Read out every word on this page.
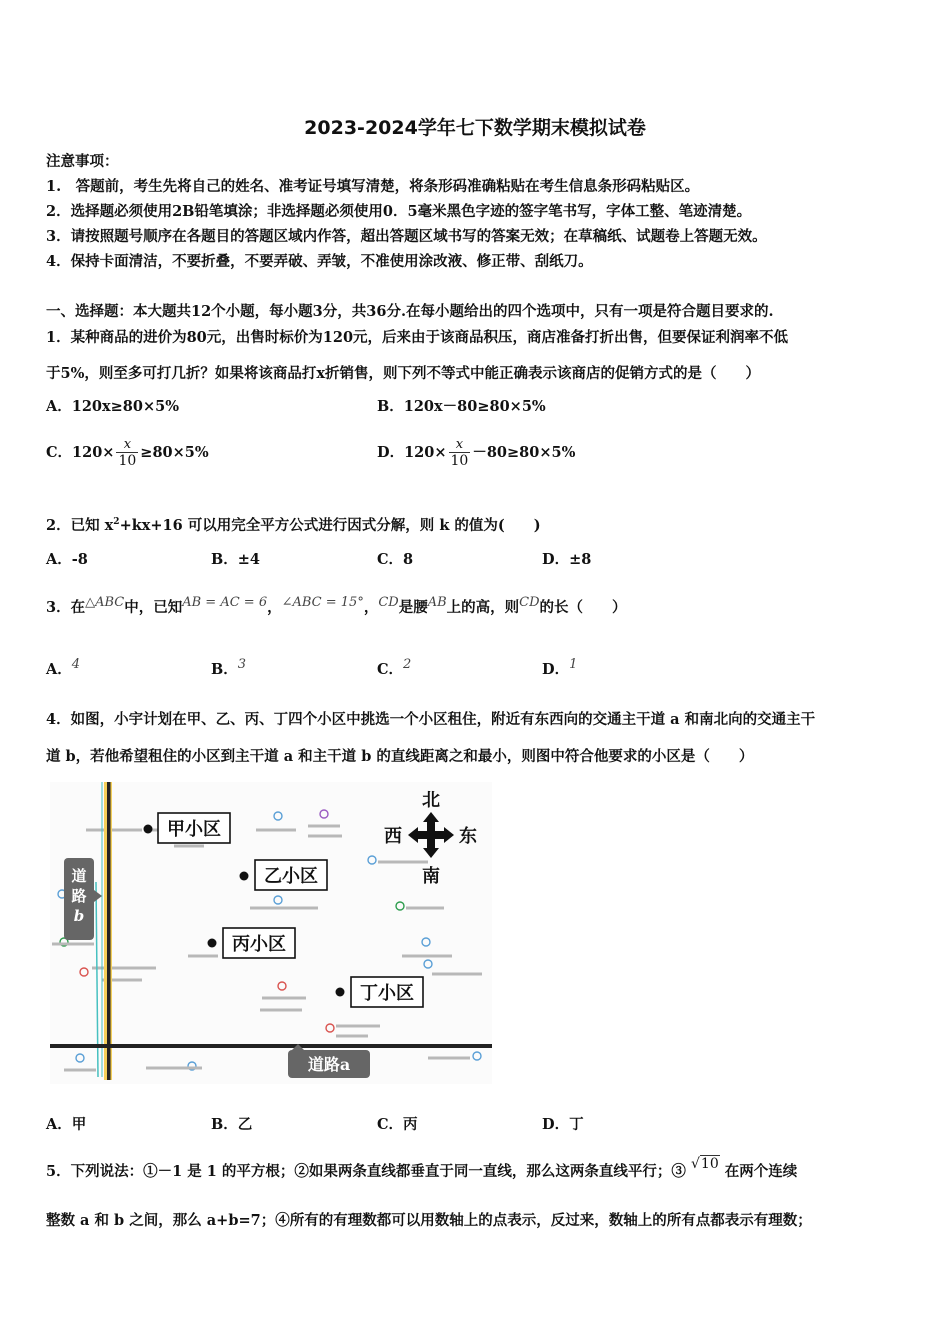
2023-2024学年七下数学期末模拟试卷
注意事项：
1.　答题前，考生先将自己的姓名、准考证号填写清楚，将条形码准确粘贴在考生信息条形码粘贴区。
2．选择题必须使用2B铅笔填涂；非选择题必须使用0．5毫米黑色字迹的签字笔书写，字体工整、笔迹清楚。
3．请按照题号顺序在各题目的答题区域内作答，超出答题区域书写的答案无效；在草稿纸、试题卷上答题无效。
4．保持卡面清洁，不要折叠，不要弄破、弄皱，不准使用涂改液、修正带、刮纸刀。
一、选择题：本大题共12个小题，每小题3分，共36分.在每小题给出的四个选项中，只有一项是符合题目要求的.
1．某种商品的进价为80元，出售时标价为120元，后来由于该商品积压，商店准备打折出售，但要保证利润率不低
于5%，则至多可打几折？如果将该商品打x折销售，则下列不等式中能正确表示该商店的促销方式的是（　　）
A．120x≥80×5%	B．120x－80≥80×5%
C．$120\times \frac{x}{10} \ge 80\times 5\%$	D．$120\times \frac{x}{10} -80\ge 80\times 5\%$
2．已知 $x^2+kx+16$ 可以用完全平方公式进行因式分解，则 k 的值为(　　)
A．-8	B．±4	C．8	D．±8
3．在△ABC中，已知AB = AC = 6，∠ABC = 15°，CD是腰AB上的高，则CD的长（　　）
A．4	B．3	C．2	D．1
4．如图，小宇计划在甲、乙、丙、丁四个小区中挑选一个小区租住，附近有东西向的交通主干道 a 和南北向的交通主干
道 b，若他希望租住的小区到主干道 a 和主干道 b 的直线距离之和最小，则图中符合他要求的小区是（　　）
道
路
b
道路a
北
南
西	东
甲小区
乙小区
丙小区
丁小区
A．甲	B．乙	C．丙	D．丁
5．下列说法：①－1 是 1 的平方根；②如果两条直线都垂直于同一直线，那么这两条直线平行；③ √10 在两个连续
整数 a 和 b 之间，那么 a+b=7；④所有的有理数都可以用数轴上的点表示，反过来，数轴上的所有点都表示有理数；
